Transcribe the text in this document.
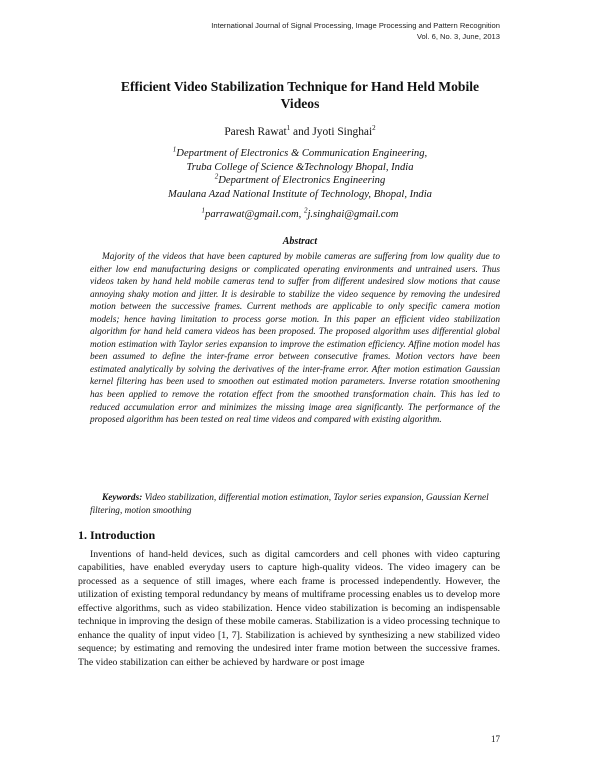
International Journal of Signal Processing, Image Processing and Pattern Recognition
Vol. 6, No. 3, June, 2013
Efficient Video Stabilization Technique for Hand Held Mobile Videos
Paresh Rawat$^1$ and Jyoti Singhai$^2$
$^1$Department of Electronics & Communication Engineering,
Truba College of Science &Technology Bhopal, India
$^2$Department of Electronics Engineering
Maulana Azad National Institute of Technology, Bhopal, India
$^1$parrawat@gmail.com, $^2$j.singhai@gmail.com
Abstract
Majority of the videos that have been captured by mobile cameras are suffering from low quality due to either low end manufacturing designs or complicated operating environments and untrained users. Thus videos taken by hand held mobile cameras tend to suffer from different undesired slow motions that cause annoying shaky motion and jitter. It is desirable to stabilize the video sequence by removing the undesired motion between the successive frames. Current methods are applicable to only specific camera motion models; hence having limitation to process gorse motion. In this paper an efficient video stabilization algorithm for hand held camera videos has been proposed. The proposed algorithm uses differential global motion estimation with Taylor series expansion to improve the estimation efficiency. Affine motion model has been assumed to define the inter-frame error between consecutive frames. Motion vectors have been estimated analytically by solving the derivatives of the inter-frame error. After motion estimation Gaussian kernel filtering has been used to smoothen out estimated motion parameters. Inverse rotation smoothening has been applied to remove the rotation effect from the smoothed transformation chain. This has led to reduced accumulation error and minimizes the missing image area significantly. The performance of the proposed algorithm has been tested on real time videos and compared with existing algorithm.
Keywords: Video stabilization, differential motion estimation, Taylor series expansion, Gaussian Kernel filtering, motion smoothing
1. Introduction
Inventions of hand-held devices, such as digital camcorders and cell phones with video capturing capabilities, have enabled everyday users to capture high-quality videos. The video imagery can be processed as a sequence of still images, where each frame is processed independently. However, the utilization of existing temporal redundancy by means of multiframe processing enables us to develop more effective algorithms, such as video stabilization. Hence video stabilization is becoming an indispensable technique in improving the design of these mobile cameras. Stabilization is a video processing technique to enhance the quality of input video [1, 7]. Stabilization is achieved by synthesizing a new stabilized video sequence; by estimating and removing the undesired inter frame motion between the successive frames. The video stabilization can either be achieved by hardware or post image
17
